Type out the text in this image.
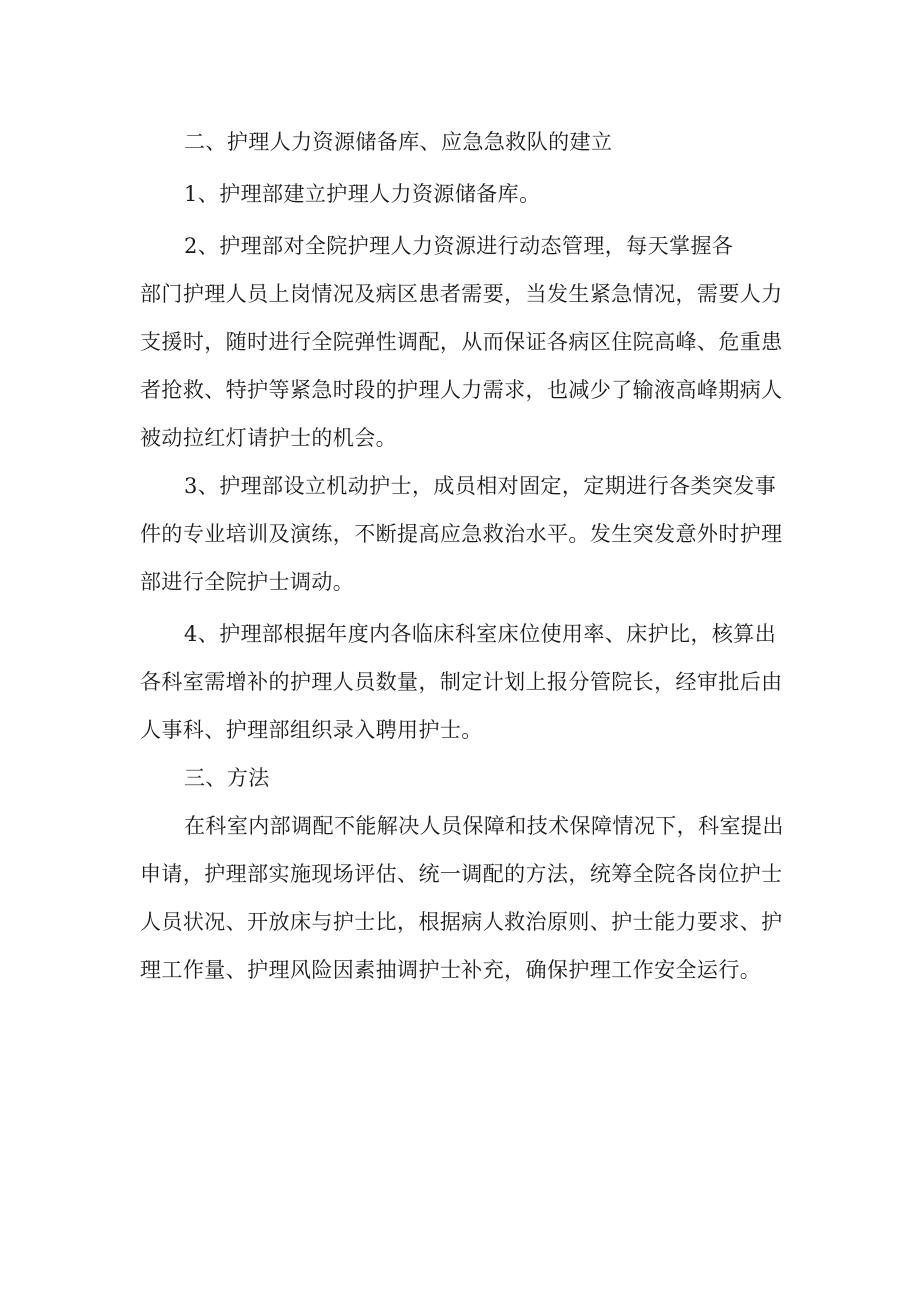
二、护理人力资源储备库、应急急救队的建立
1、护理部建立护理人力资源储备库。
2、护理部对全院护理人力资源进行动态管理，每天掌握各
部门护理人员上岗情况及病区患者需要，当发生紧急情况，需要人力
支援时，随时进行全院弹性调配，从而保证各病区住院高峰、危重患
者抢救、特护等紧急时段的护理人力需求，也减少了输液高峰期病人
被动拉红灯请护士的机会。
3、护理部设立机动护士，成员相对固定，定期进行各类突发事
件的专业培训及演练，不断提高应急救治水平。发生突发意外时护理
部进行全院护士调动。
4、护理部根据年度内各临床科室床位使用率、床护比，核算出
各科室需增补的护理人员数量，制定计划上报分管院长，经审批后由
人事科、护理部组织录入聘用护士。
三、方法
在科室内部调配不能解决人员保障和技术保障情况下，科室提出
申请，护理部实施现场评估、统一调配的方法，统筹全院各岗位护士
人员状况、开放床与护士比，根据病人救治原则、护士能力要求、护
理工作量、护理风险因素抽调护士补充，确保护理工作安全运行。
